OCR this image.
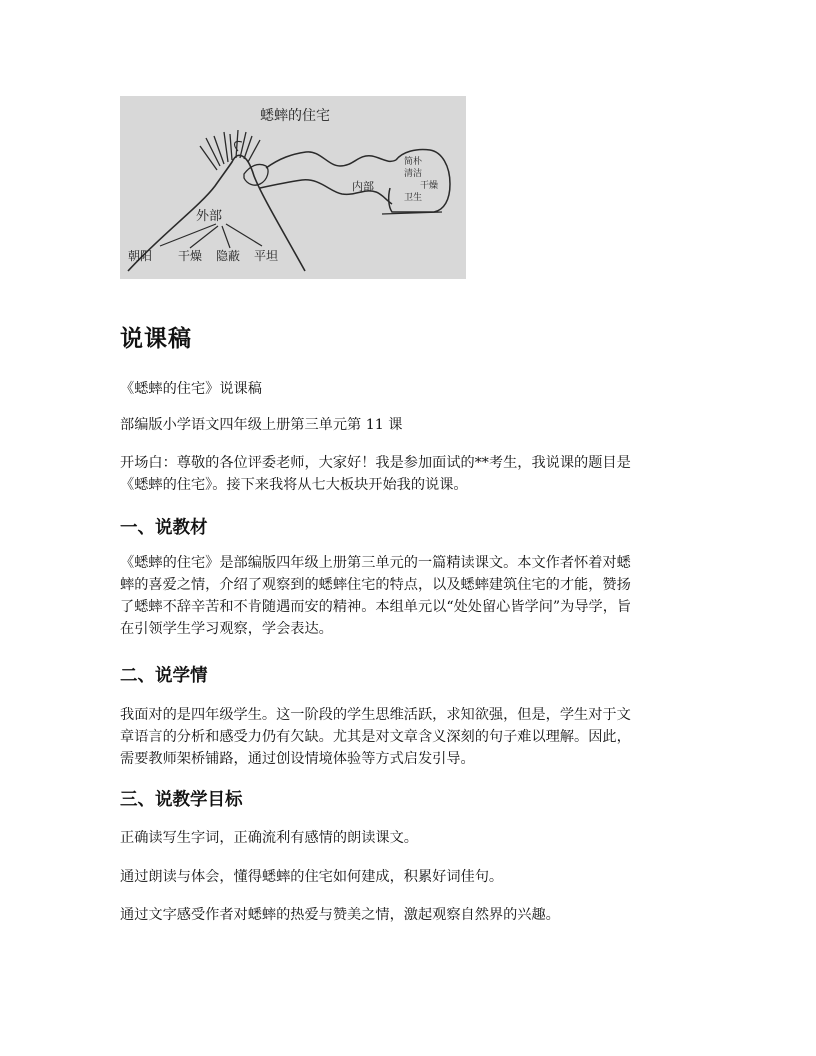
蟋蟀的住宅
外部
内部
朝阳 干燥 隐蔽 平坦
简朴
清洁
干燥
卫生
说课稿

《蟋蟀的住宅》说课稿

部编版小学语文四年级上册第三单元第 11 课

开场白：尊敬的各位评委老师，大家好！我是参加面试的**考生，我说课的题目是
《蟋蟀的住宅》。接下来我将从七大板块开始我的说课。

一、说教材

《蟋蟀的住宅》是部编版四年级上册第三单元的一篇精读课文。本文作者怀着对蟋
蟀的喜爱之情，介绍了观察到的蟋蟀住宅的特点，以及蟋蟀建筑住宅的才能，赞扬
了蟋蟀不辞辛苦和不肯随遇而安的精神。本组单元以“处处留心皆学问”为导学，旨
在引领学生学习观察，学会表达。

二、说学情

我面对的是四年级学生。这一阶段的学生思维活跃，求知欲强，但是，学生对于文
章语言的分析和感受力仍有欠缺。尤其是对文章含义深刻的句子难以理解。因此，
需要教师架桥铺路，通过创设情境体验等方式启发引导。

三、说教学目标

正确读写生字词，正确流利有感情的朗读课文。

通过朗读与体会，懂得蟋蟀的住宅如何建成，积累好词佳句。

通过文字感受作者对蟋蟀的热爱与赞美之情，激起观察自然界的兴趣。
